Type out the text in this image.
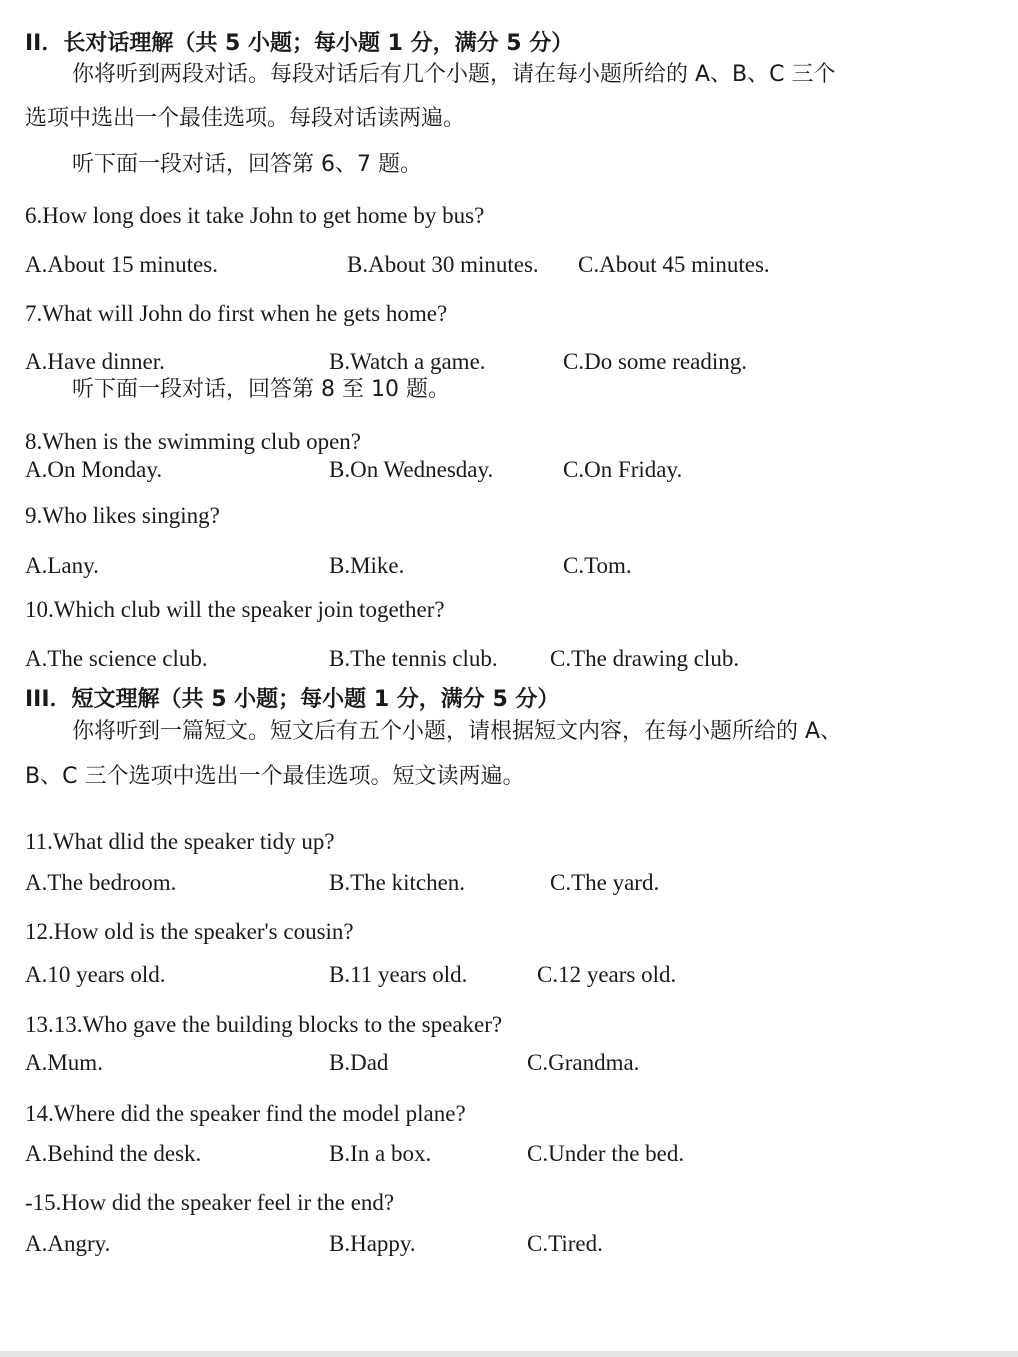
II．长对话理解（共 5 小题；每小题 1 分，满分 5 分）
你将听到两段对话。每段对话后有几个小题，请在每小题所给的 A、B、C 三个
选项中选出一个最佳选项。每段对话读两遍。
听下面一段对话，回答第 6、7 题。
6.How long does it take John to get home by bus?
A.About 15 minutes.	B.About 30 minutes. C.About 45 minutes.
7.What will John do first when he gets home?
A.Have dinner.	B.Watch a game.	C.Do some reading.
听下面一段对话，回答第 8 至 10 题。
8.When is the swimming club open?
A.On Monday.	B.On Wednesday.	C.On Friday.
9.Who likes singing?
A.Lany.	B.Mike.	C.Tom.
10.Which club will the speaker join together?
A.The science club.	B.The tennis club. C.The drawing club.
III．短文理解（共 5 小题；每小题 1 分，满分 5 分）
你将听到一篇短文。短文后有五个小题，请根据短文内容，在每小题所给的 A、
B、C 三个选项中选出一个最佳选项。短文读两遍。
11.What dlid the speaker tidy up?
A.The bedroom.	B.The kitchen.	C.The yard.
12.How old is the speaker's cousin?
A.10 years old.	B.11 years old.	C.12 years old.
13.13.Who gave the building blocks to the speaker?
A.Mum.	B.Dad	C.Grandma.
14.Where did the speaker find the model plane?
A.Behind the desk.	B.In a box.	C.Under the bed.
-15.How did the speaker feel ir the end?
A.Angry.	B.Happy.	C.Tired.
